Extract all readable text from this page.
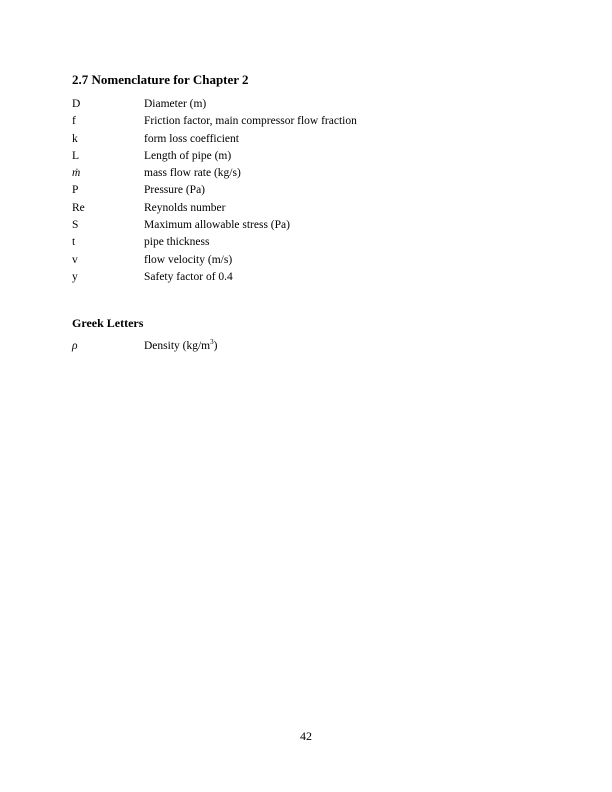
2.7 Nomenclature for Chapter 2
D	Diameter (m)
f	Friction factor, main compressor flow fraction
k	form loss coefficient
L	Length of pipe (m)
ṁ	mass flow rate (kg/s)
P	Pressure (Pa)
Re	Reynolds number
S	Maximum allowable stress (Pa)
t	pipe thickness
v	flow velocity (m/s)
y	Safety factor of 0.4
Greek Letters
ρ	Density $(kg/m^3)$
42
